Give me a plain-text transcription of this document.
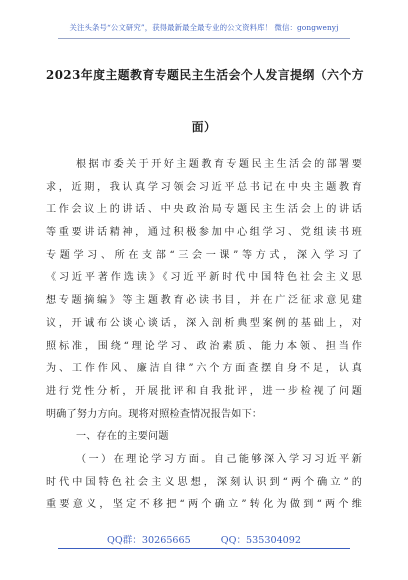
关注头条号“公文研究”，获得最新最全最专业的公文资料库！ 微信：gongwenyj
2023年度主题教育专题民主生活会个人发言提纲（六个方
面）
根据市委关于开好主题教育专题民主生活会的部署要
求，近期，我认真学习领会习近平总书记在中央主题教育
工作会议上的讲话、中央政治局专题民主生活会上的讲话
等重要讲话精神，通过积极参加中心组学习、党组读书班
专题学习、所在支部“三会一课”等方式，深入学习了
《习近平著作选读》《习近平新时代中国特色社会主义思
想专题摘编》等主题教育必读书目，并在广泛征求意见建
议，开诚布公谈心谈话，深入剖析典型案例的基础上，对
照标准，围绕“理论学习、政治素质、能力本领、担当作
为、工作作风、廉洁自律”六个方面查摆自身不足，认真
进行党性分析，开展批评和自我批评，进一步检视了问题
明确了努力方向。现将对照检查情况报告如下：
一、存在的主要问题
（一）在理论学习方面。自己能够深入学习习近平新
时代中国特色社会主义思想，深刻认识到“两个确立”的
重要意义，坚定不移把“两个确立”转化为做到“两个维
QQ群：30265665	QQ：535304092
